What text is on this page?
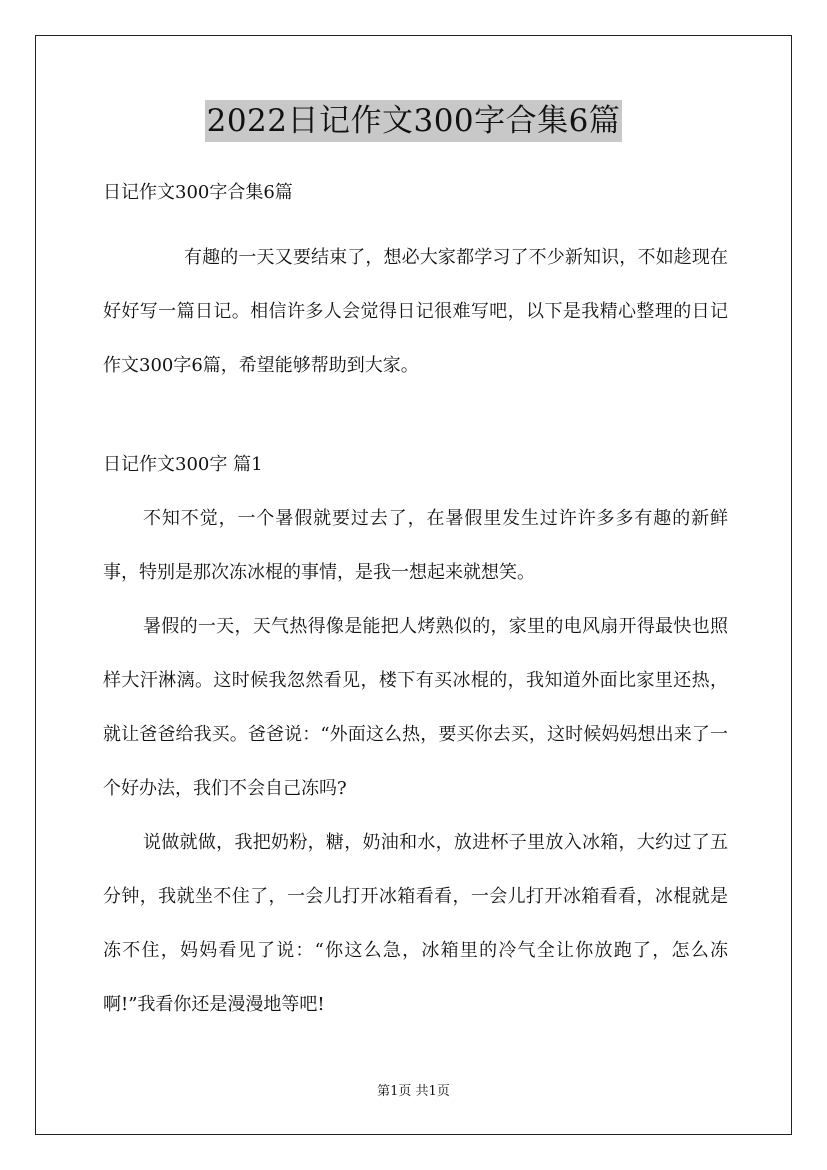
2022日记作文300字合集6篇
日记作文300字合集6篇

有趣的一天又要结束了，想必大家都学习了不少新知识，不如趁现在好好写一篇日记。相信许多人会觉得日记很难写吧，以下是我精心整理的日记作文300字6篇，希望能够帮助到大家。

日记作文300字 篇1

不知不觉，一个暑假就要过去了，在暑假里发生过许许多多有趣的新鲜事，特别是那次冻冰棍的事情，是我一想起来就想笑。

暑假的一天，天气热得像是能把人烤熟似的，家里的电风扇开得最快也照样大汗淋漓。这时候我忽然看见，楼下有买冰棍的，我知道外面比家里还热，就让爸爸给我买。爸爸说：“外面这么热，要买你去买，这时候妈妈想出来了一个好办法，我们不会自己冻吗?

说做就做，我把奶粉，糖，奶油和水，放进杯子里放入冰箱，大约过了五分钟，我就坐不住了，一会儿打开冰箱看看，一会儿打开冰箱看看，冰棍就是冻不住，妈妈看见了说：“你这么急，冰箱里的冷气全让你放跑了，怎么冻啊!”我看你还是漫漫地等吧!

第1页 共1页
